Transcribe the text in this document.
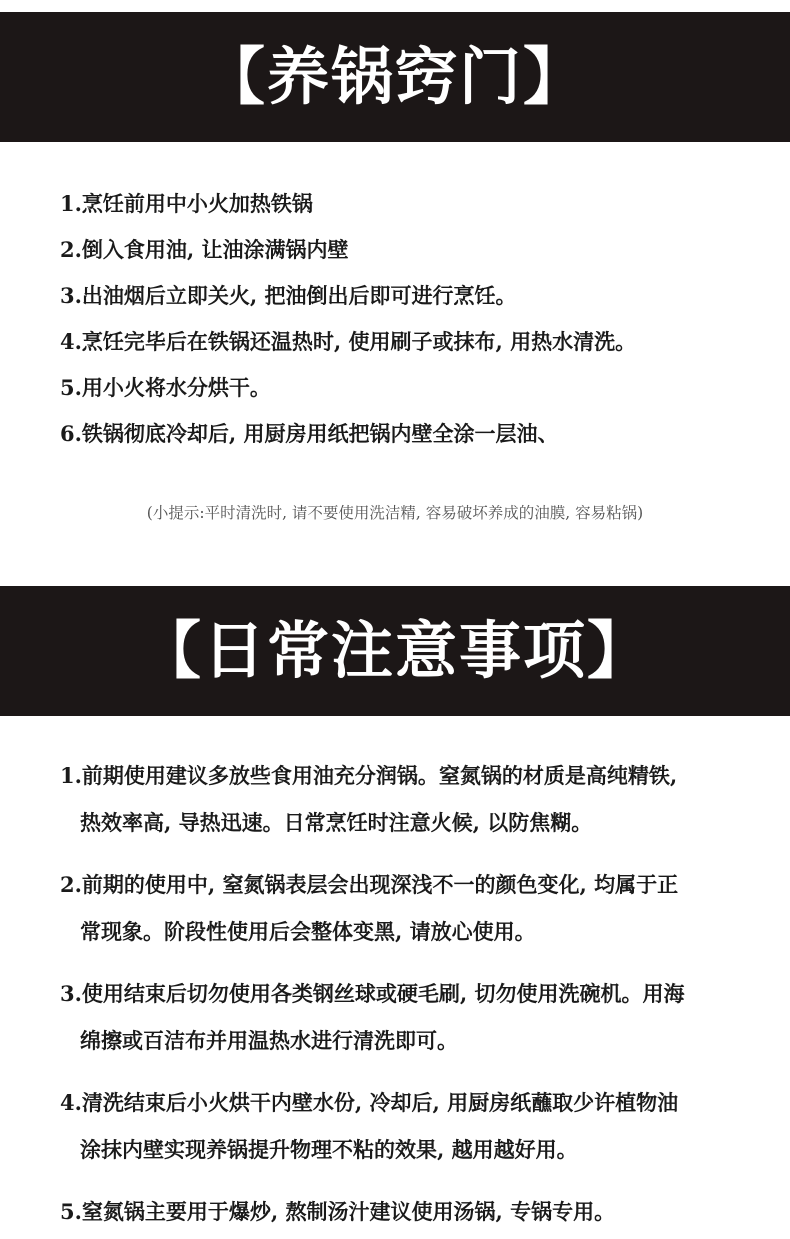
【养锅窍门】
1.烹饪前用中小火加热铁锅
2.倒入食用油, 让油涂满锅内壁
3.出油烟后立即关火, 把油倒出后即可进行烹饪。
4.烹饪完毕后在铁锅还温热时, 使用刷子或抹布, 用热水清洗。
5.用小火将水分烘干。
6.铁锅彻底冷却后, 用厨房用纸把锅内壁全涂一层油、
(小提示:平时清洗时, 请不要使用洗洁精, 容易破坏养成的油膜, 容易粘锅)
【日常注意事项】
1.前期使用建议多放些食用油充分润锅。窒氮锅的材质是高纯精铁,
热效率高, 导热迅速。日常烹饪时注意火候, 以防焦糊。
2.前期的使用中, 窒氮锅表层会出现深浅不一的颜色变化, 均属于正
常现象。阶段性使用后会整体变黑, 请放心使用。
3.使用结束后切勿使用各类钢丝球或硬毛刷, 切勿使用洗碗机。用海
绵擦或百洁布并用温热水进行清洗即可。
4.清洗结束后小火烘干内壁水份, 冷却后, 用厨房纸蘸取少许植物油
涂抹内壁实现养锅提升物理不粘的效果, 越用越好用。
5.窒氮锅主要用于爆炒, 熬制汤汁建议使用汤锅, 专锅专用。
